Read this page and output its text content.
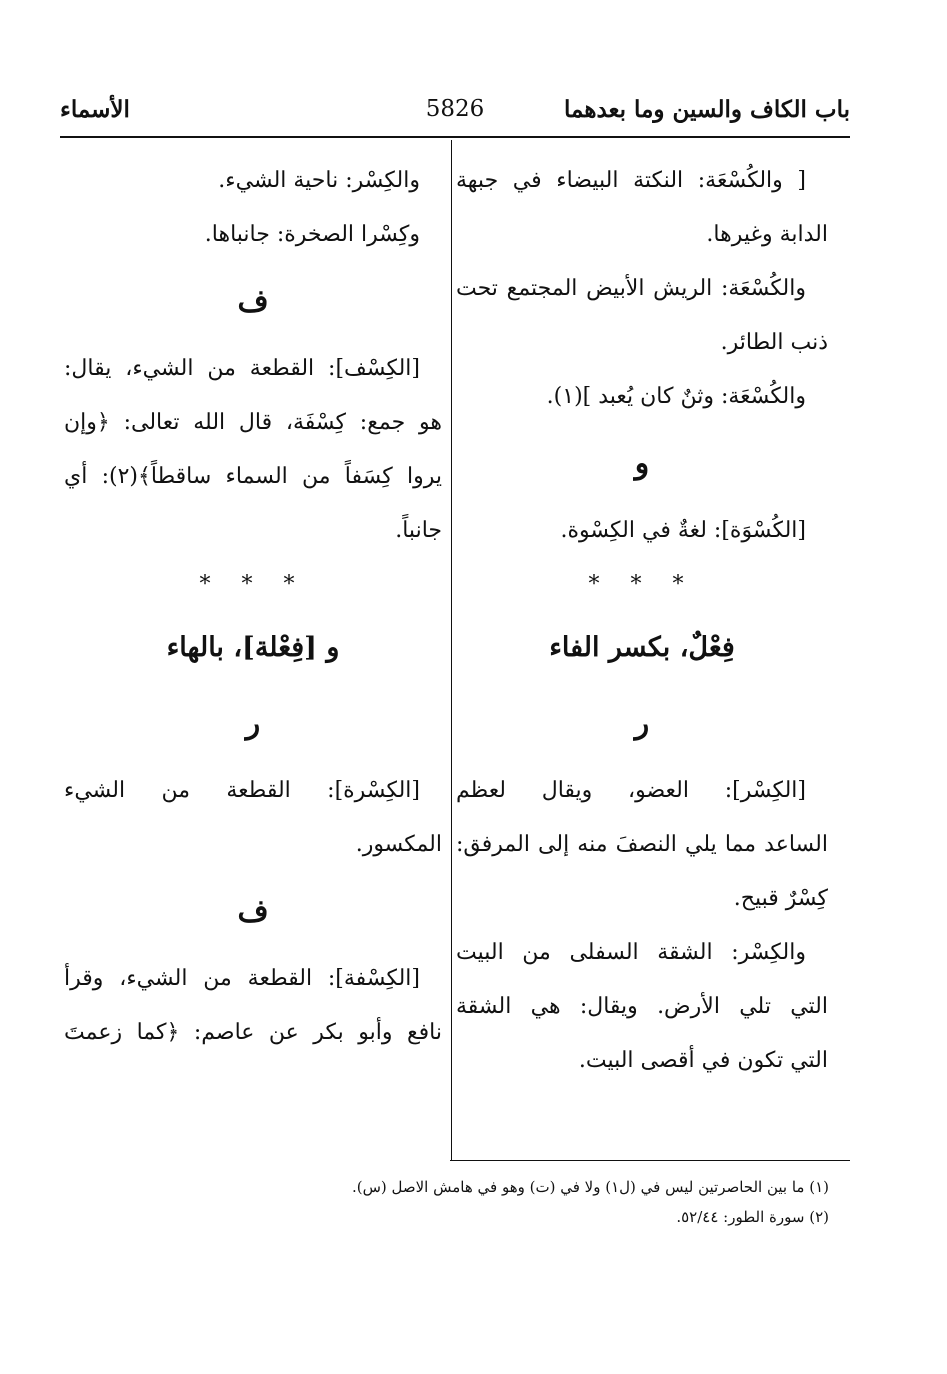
باب الكاف والسين وما بعدهما
5826
الأسماء
[ والكُسْعَة: النكتة البيضاء في جبهة
الدابة وغيرها.
والكُسْعَة: الريش الأبيض المجتمع تحت
ذنب الطائر.
والكُسْعَة: وثنٌ كان يُعبد ](١).
و
[الكُسْوَة]: لغةٌ في الكِسْوة.
* * *
فِعْلٌ، بكسر الفاء
ر
[الكِسْر]: العضو، ويقال لعظم
الساعد مما يلي النصفَ منه إلى المرفق:
كِسْرٌ قبيح.
والكِسْر: الشقة السفلى من البيت
التي تلي الأرض. ويقال: هي الشقة
التي تكون في أقصى البيت.
والكِسْر: ناحية الشيء.
وكِسْرا الصخرة: جانباها.
ف
[الكِسْف]: القطعة من الشيء، يقال:
هو جمع: كِسْفَة، قال الله تعالى: ﴿وإن
يروا كِسَفاً من السماء ساقطاً﴾(٢): أي
جانباً.
* * *
و [فِعْلة]، بالهاء
ر
[الكِسْرة]: القطعة من الشيء
المكسور.
ف
[الكِسْفة]: القطعة من الشيء، وقرأ
نافع وأبو بكر عن عاصم: ﴿كما زعمتَ
(١) ما بين الحاصرتين ليس في (ل١) ولا في (ت) وهو في هامش الاصل (س).
(٢) سورة الطور: ٥٢/٤٤.
